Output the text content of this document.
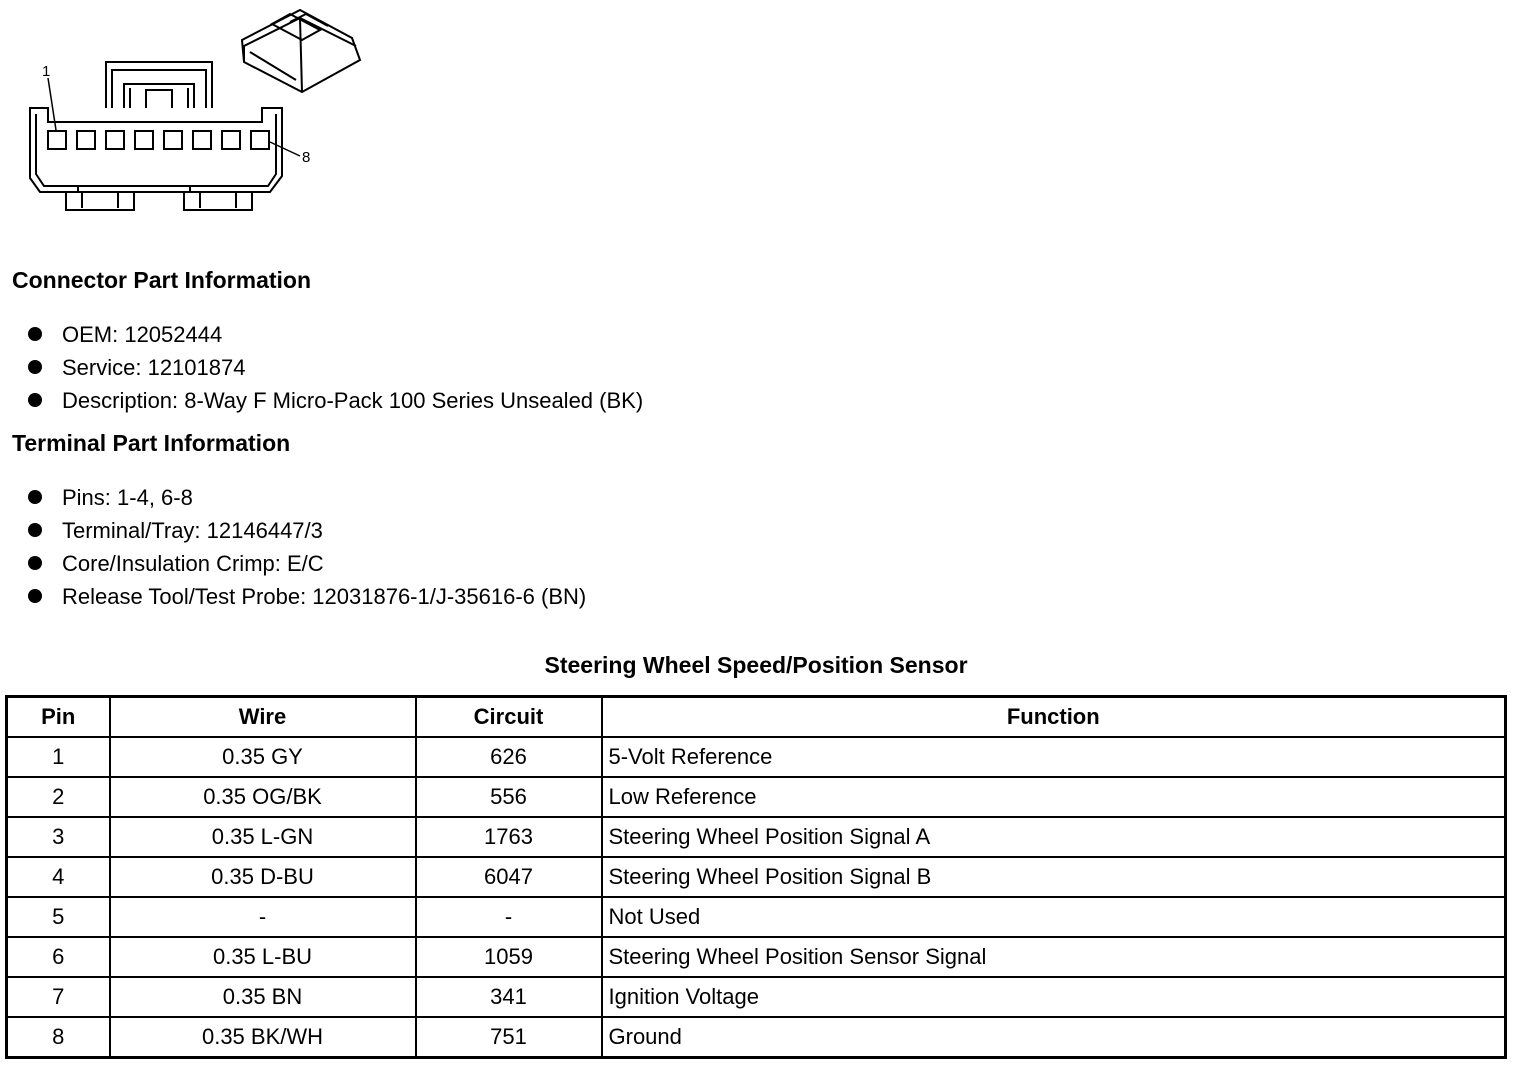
1
8
Connector Part Information
OEM: 12052444
Service: 12101874
Description: 8-Way F Micro-Pack 100 Series Unsealed (BK)
Terminal Part Information
Pins: 1-4, 6-8
Terminal/Tray: 12146447/3
Core/Insulation Crimp: E/C
Release Tool/Test Probe: 12031876-1/J-35616-6 (BN)
Steering Wheel Speed/Position Sensor
Pin	Wire	Circuit	Function
1	0.35 GY	626	5-Volt Reference
2	0.35 OG/BK	556	Low Reference
3	0.35 L-GN	1763	Steering Wheel Position Signal A
4	0.35 D-BU	6047	Steering Wheel Position Signal B
5	-	-	Not Used
6	0.35 L-BU	1059	Steering Wheel Position Sensor Signal
7	0.35 BN	341	Ignition Voltage
8	0.35 BK/WH	751	Ground
